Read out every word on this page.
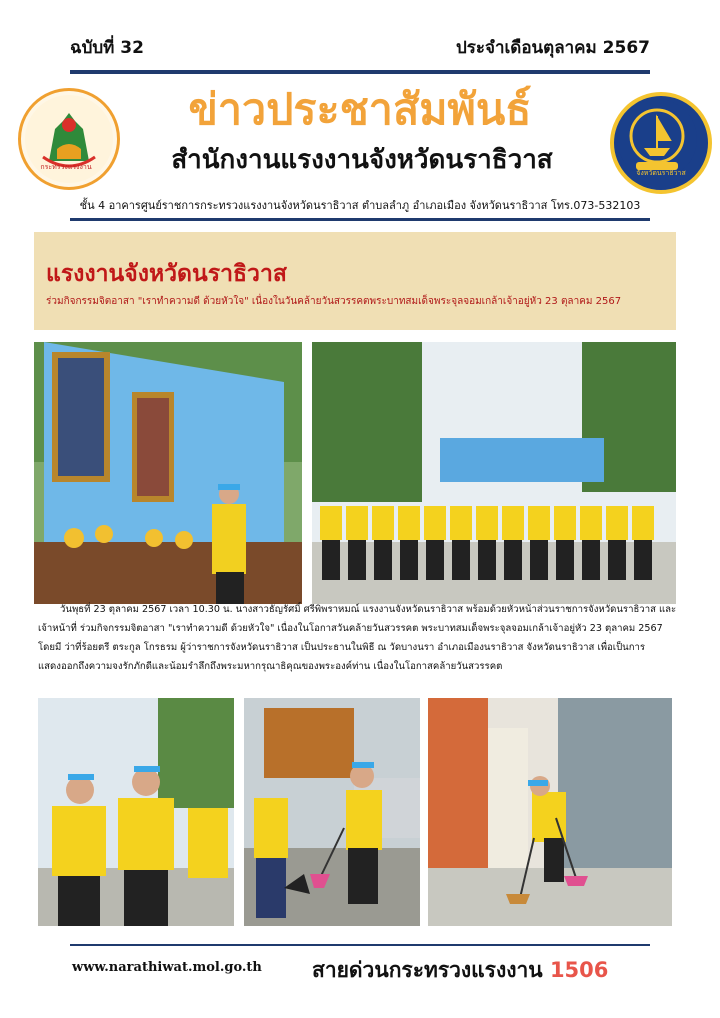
ฉบับที่ 32	ประจำเดือนตุลาคม 2567
ข่าวประชาสัมพันธ์
สำนักงานแรงงานจังหวัดนราธิวาส
ชั้น 4 อาคารศูนย์ราชการกระทรวงแรงงานจังหวัดนราธิวาส ตำบลลำภู อำเภอเมือง จังหวัดนราธิวาส โทร.073-532103
แรงงานจังหวัดนราธิวาส
ร่วมกิจกรรมจิตอาสา "เราทำความดี ด้วยหัวใจ" เนื่องในวันคล้ายวันสวรรคตพระบาทสมเด็จพระจุลจอมเกล้าเจ้าอยู่หัว 23 ตุลาคม 2567

วันพุธที่ 23 ตุลาคม 2567 เวลา 10.30 น. นางสาวธัญรัศมิ์ ศรีพิพราหมณ์ แรงงานจังหวัดนราธิวาส พร้อมด้วยหัวหน้าส่วนราชการจังหวัดนราธิวาส และเจ้าหน้าที่ ร่วมกิจกรรมจิตอาสา "เราทำความดี ด้วยหัวใจ" เนื่องในโอกาสวันคล้ายวันสวรรคต พระบาทสมเด็จพระจุลจอมเกล้าเจ้าอยู่หัว 23 ตุลาคม 2567 โดยมี ว่าที่ร้อยตรี ตระกูล โกรธรม ผู้ว่าราชการจังหวัดนราธิวาส เป็นประธานในพิธี ณ วัดบางนรา อำเภอเมืองนราธิวาส จังหวัดนราธิวาส เพื่อเป็นการแสดงออกถึงความจงรักภักดีและน้อมรำลึกถึงพระมหากรุณาธิคุณของพระองค์ท่าน เนื่องในโอกาสคล้ายวันสวรรคต

www.narathiwat.mol.go.th สายด่วนกระทรวงแรงงาน 1506
กระทรวงแรงงาน
จังหวัดนราธิวาส
